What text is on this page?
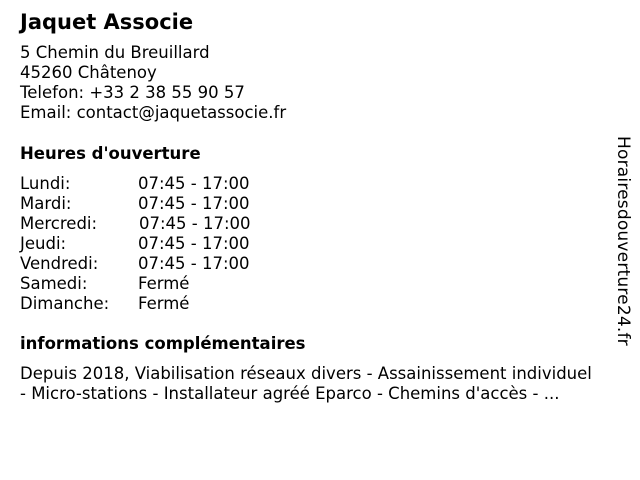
Jaquet Associe
5 Chemin du Breuillard
45260 Châtenoy
Telefon: +33 2 38 55 90 57
Email: contact@jaquetassocie.fr
Heures d'ouverture
Lundi:	07:45 - 17:00
Mardi:	07:45 - 17:00
Mercredi:	07:45 - 17:00
Jeudi:	07:45 - 17:00
Vendredi: 07:45 - 17:00
Samedi:	Fermé
Dimanche: Fermé
informations complémentaires
Depuis 2018, Viabilisation réseaux divers - Assainissement individuel
- Micro-stations - Installateur agréé Eparco - Chemins d'accès - ...
Horairesdouverture24.fr
